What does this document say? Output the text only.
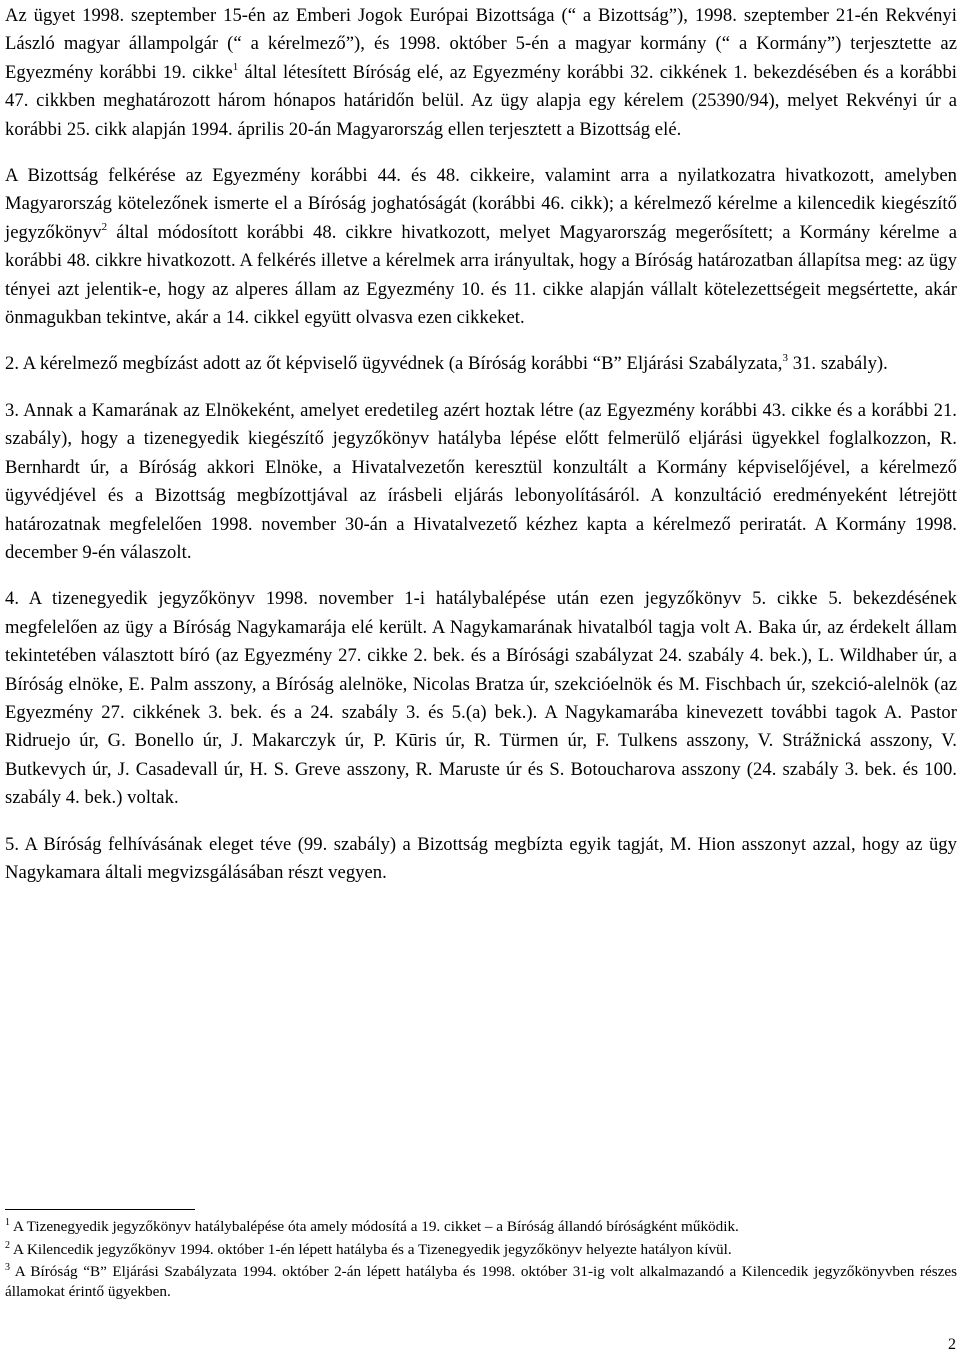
Az ügyet 1998. szeptember 15-én az Emberi Jogok Európai Bizottsága (“ a Bizottság”), 1998. szeptember 21-én Rekvényi László magyar állampolgár (“ a kérelmező”), és 1998. október 5-én a magyar kormány (“ a Kormány”) terjesztette az Egyezmény korábbi 19. cikke$^1$ által létesített Bíróság elé, az Egyezmény korábbi 32. cikkének 1. bekezdésében és a korábbi 47. cikkben meghatározott három hónapos határidőn belül. Az ügy alapja egy kérelem (25390/94), melyet Rekvényi úr a korábbi 25. cikk alapján 1994. április 20-án Magyarország ellen terjesztett a Bizottság elé.

A Bizottság felkérése az Egyezmény korábbi 44. és 48. cikkeire, valamint arra a nyilatkozatra hivatkozott, amelyben Magyarország kötelezőnek ismerte el a Bíróság joghatóságát (korábbi 46. cikk); a kérelmező kérelme a kilencedik kiegészítő jegyzőkönyv$^2$ által módosított korábbi 48. cikkre hivatkozott, melyet Magyarország megerősített; a Kormány kérelme a korábbi 48. cikkre hivatkozott. A felkérés illetve a kérelmek arra irányultak, hogy a Bíróság határozatban állapítsa meg: az ügy tényei azt jelentik-e, hogy az alperes állam az Egyezmény 10. és 11. cikke alapján vállalt kötelezettségeit megsértette, akár önmagukban tekintve, akár a 14. cikkel együtt olvasva ezen cikkeket.

2. A kérelmező megbízást adott az őt képviselő ügyvédnek (a Bíróság korábbi “B” Eljárási Szabályzata,$^3$ 31. szabály).

3. Annak a Kamarának az Elnökeként, amelyet eredetileg azért hoztak létre (az Egyezmény korábbi 43. cikke és a korábbi 21. szabály), hogy a tizenegyedik kiegészítő jegyzőkönyv hatályba lépése előtt felmerülő eljárási ügyekkel foglalkozzon, R. Bernhardt úr, a Bíróság akkori Elnöke, a Hivatalvezetőn keresztül konzultált a Kormány képviselőjével, a kérelmező ügyvédjével és a Bizottság megbízottjával az írásbeli eljárás lebonyolításáról. A konzultáció eredményeként létrejött határozatnak megfelelően 1998. november 30-án a Hivatalvezető kézhez kapta a kérelmező periratát. A Kormány 1998. december 9-én válaszolt.

4. A tizenegyedik jegyzőkönyv 1998. november 1-i hatálybalépése után ezen jegyzőkönyv 5. cikke 5. bekezdésének megfelelően az ügy a Bíróság Nagykamarája elé került. A Nagykamarának hivatalból tagja volt A. Baka úr, az érdekelt állam tekintetében választott bíró (az Egyezmény 27. cikke 2. bek. és a Bírósági szabályzat 24. szabály 4. bek.), L. Wildhaber úr, a Bíróság elnöke, E. Palm asszony, a Bíróság alelnöke, Nicolas Bratza úr, szekcióelnök és M. Fischbach úr, szekció-alelnök (az Egyezmény 27. cikkének 3. bek. és a 24. szabály 3. és 5.(a) bek.). A Nagykamarába kinevezett további tagok A. Pastor Ridruejo úr, G. Bonello úr, J. Makarczyk úr, P. Kūris úr, R. Türmen úr, F. Tulkens asszony, V. Strážnická asszony, V. Butkevych úr, J. Casadevall úr, H. S. Greve asszony, R. Maruste úr és S. Botoucharova asszony (24. szabály 3. bek. és 100. szabály 4. bek.) voltak.

5. A Bíróság felhívásának eleget téve (99. szabály) a Bizottság megbízta egyik tagját, M. Hion asszonyt azzal, hogy az ügy Nagykamara általi megvizsgálásában részt vegyen.

$^1$ A Tizenegyedik jegyzőkönyv hatálybalépése óta amely módosítá a 19. cikket – a Bíróság állandó bíróságként működik.

$^2$ A Kilencedik jegyzőkönyv 1994. október 1-én lépett hatályba és a Tizenegyedik jegyzőkönyv helyezte hatályon kívül.

$^3$ A Bíróság “B” Eljárási Szabályzata 1994. október 2-án lépett hatályba és 1998. október 31-ig volt alkalmazandó a Kilencedik jegyzőkönyvben részes államokat érintő ügyekben.

2
